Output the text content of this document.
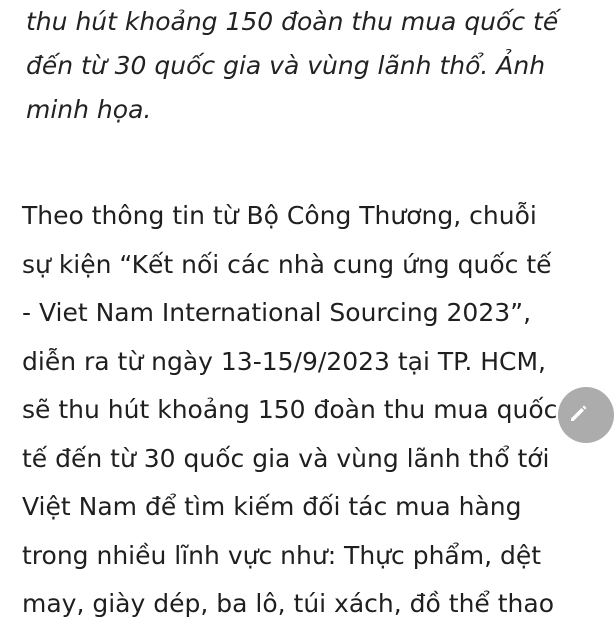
thu hút khoảng 150 đoàn thu mua quốc tế
đến từ 30 quốc gia và vùng lãnh thổ. Ảnh
minh họa.
Theo thông tin từ Bộ Công Thương, chuỗi
sự kiện “Kết nối các nhà cung ứng quốc tế
- Viet Nam International Sourcing 2023”,
diễn ra từ ngày 13-15/9/2023 tại TP. HCM,
sẽ thu hút khoảng 150 đoàn thu mua quốc
tế đến từ 30 quốc gia và vùng lãnh thổ tới
Việt Nam để tìm kiếm đối tác mua hàng
trong nhiều lĩnh vực như: Thực phẩm, dệt
may, giày dép, ba lô, túi xách, đồ thể thao
